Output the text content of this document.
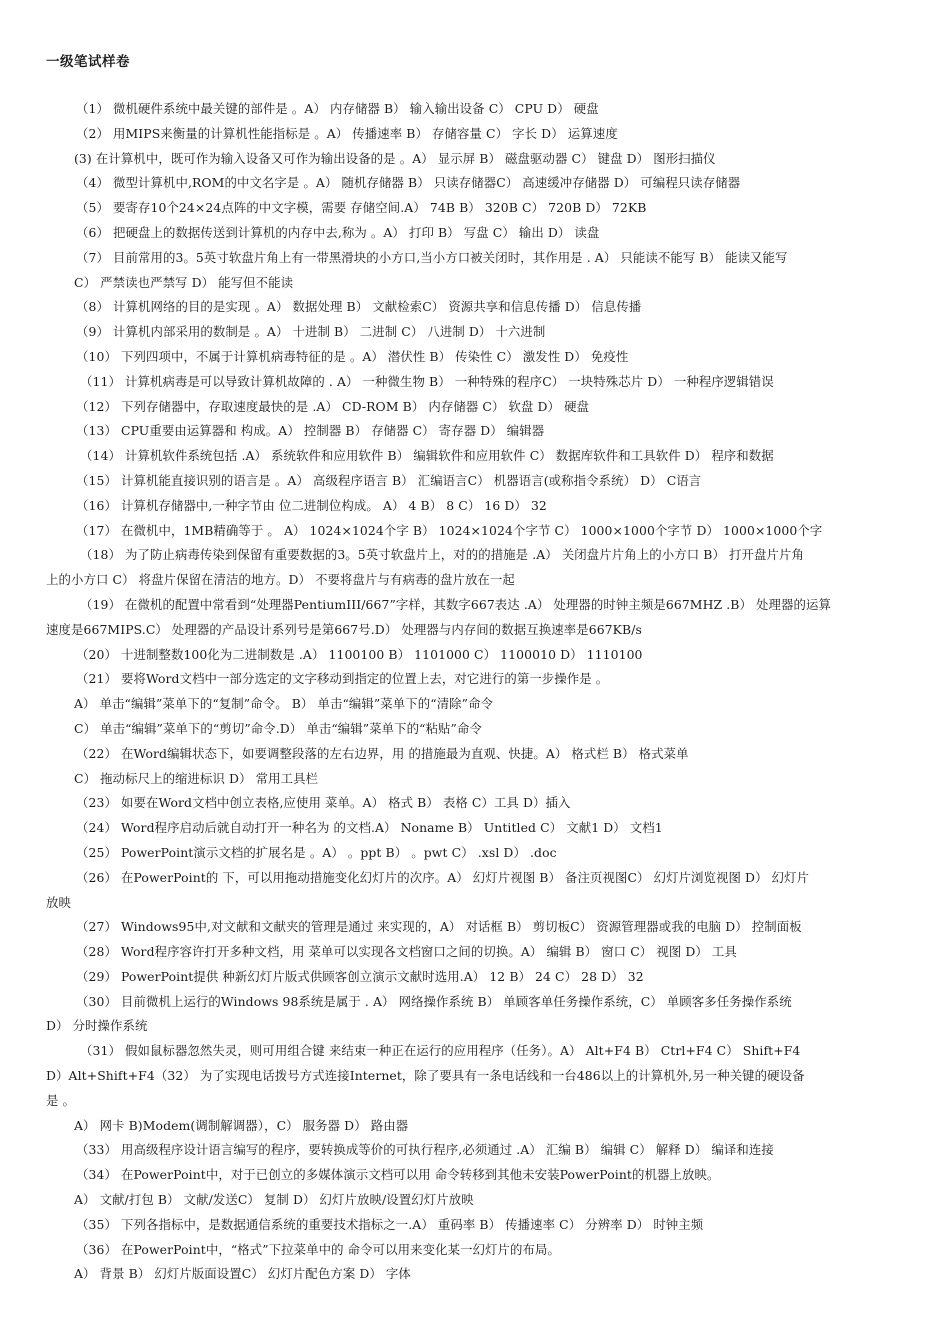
一级笔试样卷
（1） 微机硬件系统中最关键的部件是 。A） 内存储器 B） 输入输出设备 C） CPU D） 硬盘
（2） 用MIPS来衡量的计算机性能指标是 。A） 传播速率 B） 存储容量 C） 字长 D） 运算速度
(3) 在计算机中，既可作为输入设备又可作为输出设备的是 。A） 显示屏 B） 磁盘驱动器 C） 键盘 D） 图形扫描仪
（4） 微型计算机中,ROM的中文名字是 。A） 随机存储器 B） 只读存储器C） 高速缓冲存储器 D） 可编程只读存储器
（5） 要寄存10个24×24点阵的中文字模，需要 存储空间.A） 74B B） 320B C） 720B D） 72KB
（6） 把硬盘上的数据传送到计算机的内存中去,称为 。A） 打印 B） 写盘 C） 输出 D） 读盘
（7） 目前常用的3。5英寸软盘片角上有一带黑滑块的小方口,当小方口被关闭时，其作用是 . A） 只能读不能写 B） 能读又能写
C） 严禁读也严禁写 D） 能写但不能读
（8） 计算机网络的目的是实现 。A） 数据处理 B） 文献检索C） 资源共享和信息传播 D） 信息传播
（9） 计算机内部采用的数制是 。A） 十进制 B） 二进制 C） 八进制 D） 十六进制
（10） 下列四项中，不属于计算机病毒特征的是 。A） 潜伏性 B） 传染性 C） 激发性 D） 免疫性
（11） 计算机病毒是可以导致计算机故障的 . A） 一种微生物 B） 一种特殊的程序C） 一块特殊芯片 D） 一种程序逻辑错误
（12） 下列存储器中，存取速度最快的是 .A） CD-ROM B） 内存储器 C） 软盘 D） 硬盘
（13） CPU重要由运算器和 构成。A） 控制器 B） 存储器 C） 寄存器 D） 编辑器
（14） 计算机软件系统包括 .A） 系统软件和应用软件 B） 编辑软件和应用软件 C） 数据库软件和工具软件 D） 程序和数据
（15） 计算机能直接识别的语言是 。A） 高级程序语言 B） 汇编语言C） 机器语言(或称指令系统） D） C语言
（16） 计算机存储器中,一种字节由 位二进制位构成。 A） 4 B） 8 C） 16 D） 32
（17） 在微机中，1MB精确等于 。 A） 1024×1024个字 B） 1024×1024个字节 C） 1000×1000个字节 D） 1000×1000个字
（18） 为了防止病毒传染到保留有重要数据的3。5英寸软盘片上，对的的措施是 .A） 关闭盘片片角上的小方口 B） 打开盘片片角
上的小方口 C） 将盘片保留在清洁的地方。D） 不要将盘片与有病毒的盘片放在一起
（19） 在微机的配置中常看到“处理器PentiumIII/667”字样，其数字667表达 .A） 处理器的时钟主频是667MHZ .B） 处理器的运算
速度是667MIPS.C） 处理器的产品设计系列号是第667号.D） 处理器与内存间的数据互换速率是667KB/s
（20） 十进制整数100化为二进制数是 .A） 1100100 B） 1101000 C） 1100010 D） 1110100
（21） 要将Word文档中一部分选定的文字移动到指定的位置上去，对它进行的第一步操作是 。
A） 单击“编辑”菜单下的“复制”命令。 B） 单击“编辑”菜单下的“清除”命令
C） 单击“编辑”菜单下的“剪切”命令.D） 单击“编辑”菜单下的“粘贴”命令
（22） 在Word编辑状态下，如要调整段落的左右边界，用 的措施最为直观、快捷。A） 格式栏 B） 格式菜单
C） 拖动标尺上的缩进标识 D） 常用工具栏
（23） 如要在Word文档中创立表格,应使用 菜单。A） 格式 B） 表格 C）工具 D）插入
（24） Word程序启动后就自动打开一种名为 的文档.A） Noname B） Untitled C） 文献1 D） 文档1
（25） PowerPoint演示文档的扩展名是 。A） 。ppt B） 。pwt C） .xsl D） .doc
（26） 在PowerPoint的 下，可以用拖动措施变化幻灯片的次序。A） 幻灯片视图 B） 备注页视图C） 幻灯片浏览视图 D） 幻灯片
放映
（27） Windows95中,对文献和文献夹的管理是通过 来实现的，A） 对话框 B） 剪切板C） 资源管理器或我的电脑 D） 控制面板
（28） Word程序容许打开多种文档，用 菜单可以实现各文档窗口之间的切换。A） 编辑 B） 窗口 C） 视图 D） 工具
（29） PowerPoint提供 种新幻灯片版式供顾客创立演示文献时选用.A） 12 B） 24 C） 28 D） 32
（30） 目前微机上运行的Windows 98系统是属于 . A） 网络操作系统 B） 单顾客单任务操作系统，C） 单顾客多任务操作系统
D） 分时操作系统
（31） 假如鼠标器忽然失灵，则可用组合键 来结束一种正在运行的应用程序（任务）。A） Alt+F4 B） Ctrl+F4 C） Shift+F4
D）Alt+Shift+F4（32） 为了实现电话拨号方式连接Internet，除了要具有一条电话线和一台486以上的计算机外,另一种关键的硬设备
是 。
A） 网卡 B)Modem(调制解调器），C） 服务器 D） 路由器
（33） 用高级程序设计语言编写的程序，要转换成等价的可执行程序,必须通过 .A） 汇编 B） 编辑 C） 解释 D） 编译和连接
（34） 在PowerPoint中，对于已创立的多媒体演示文档可以用 命令转移到其他未安装PowerPoint的机器上放映。
A） 文献/打包 B） 文献/发送C） 复制 D） 幻灯片放映/设置幻灯片放映
（35） 下列各指标中，是数据通信系统的重要技术指标之一.A） 重码率 B） 传播速率 C） 分辨率 D） 时钟主频
（36） 在PowerPoint中，“格式”下拉菜单中的 命令可以用来变化某一幻灯片的布局。
A） 背景 B） 幻灯片版面设置C） 幻灯片配色方案 D） 字体
